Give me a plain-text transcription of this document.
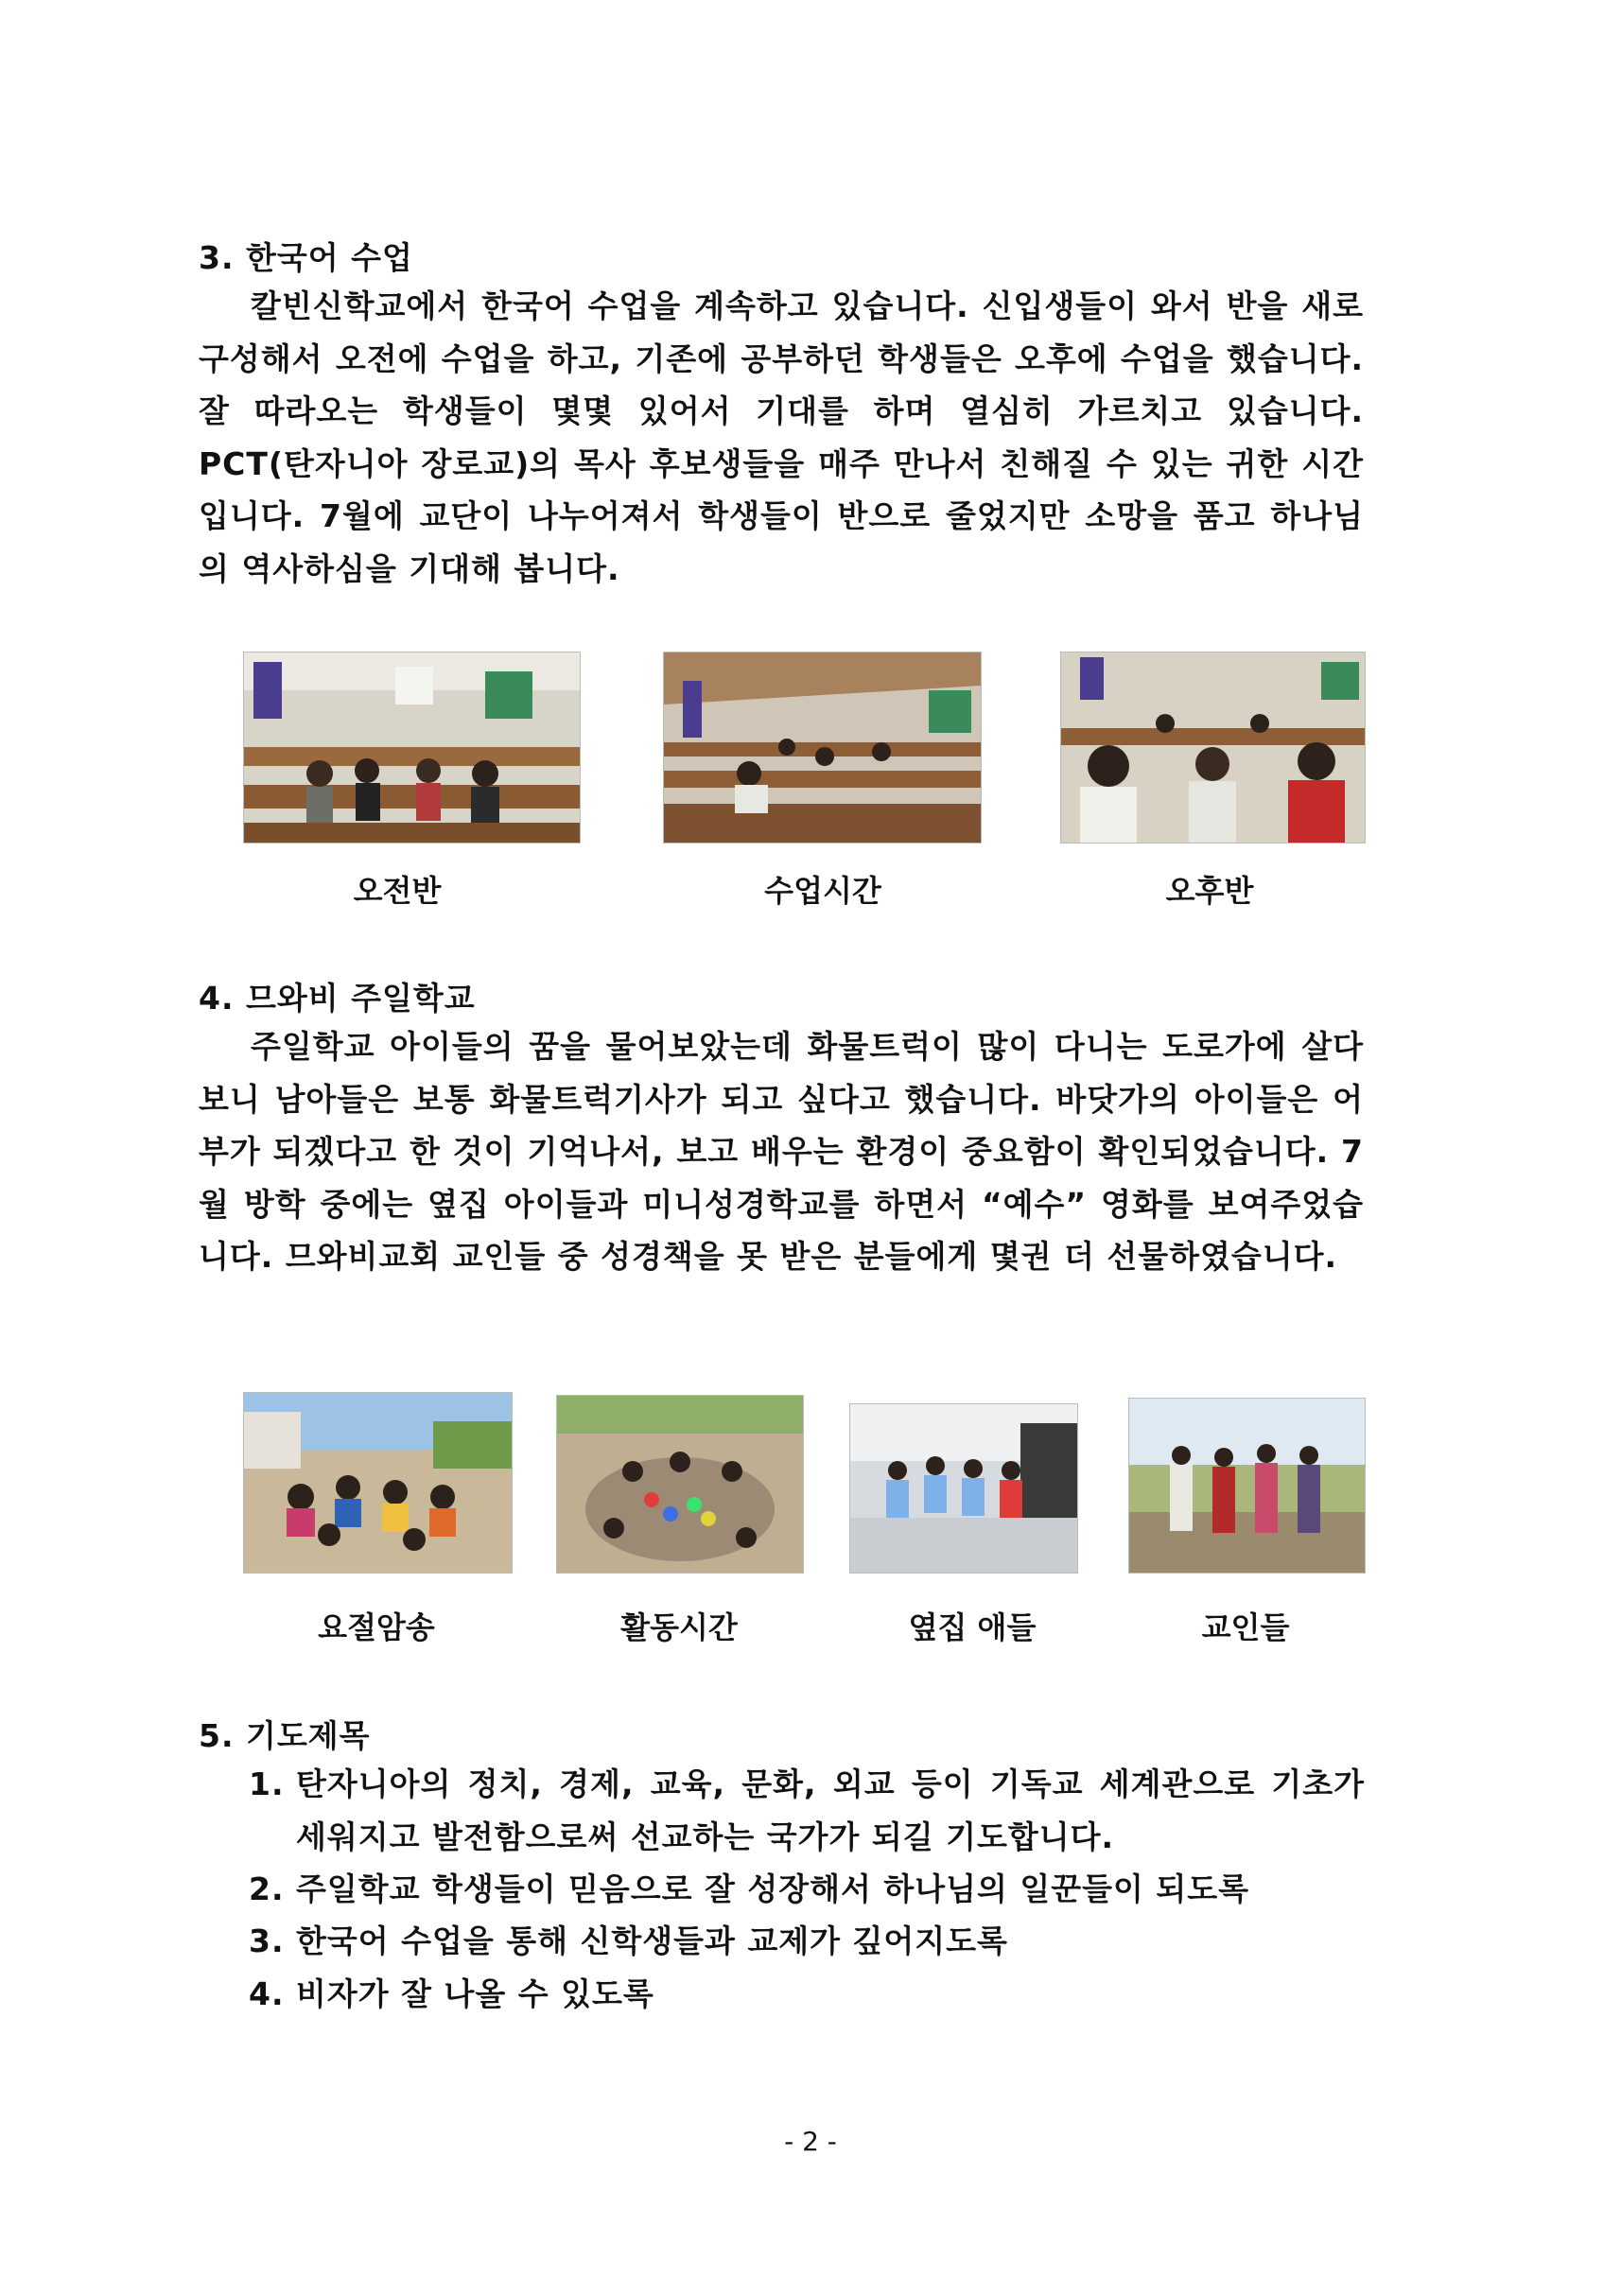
3. 한국어 수업
칼빈신학교에서 한국어 수업을 계속하고 있습니다. 신입생들이 와서 반을 새로 구성해서 오전에 수업을 하고, 기존에 공부하던 학생들은 오후에 수업을 했습니다. 잘 따라오는 학생들이 몇몇 있어서 기대를 하며 열심히 가르치고 있습니다. PCT(탄자니아 장로교)의 목사 후보생들을 매주 만나서 친해질 수 있는 귀한 시간입니다. 7월에 교단이 나누어져서 학생들이 반으로 줄었지만 소망을 품고 하나님의 역사하심을 기대해 봅니다.
오전반	수업시간	오후반
4. 므와비 주일학교
주일학교 아이들의 꿈을 물어보았는데 화물트럭이 많이 다니는 도로가에 살다보니 남아들은 보통 화물트럭기사가 되고 싶다고 했습니다. 바닷가의 아이들은 어부가 되겠다고 한 것이 기억나서, 보고 배우는 환경이 중요함이 확인되었습니다. 7월 방학 중에는 옆집 아이들과 미니성경학교를 하면서 “예수” 영화를 보여주었습니다. 므와비교회 교인들 중 성경책을 못 받은 분들에게 몇권 더 선물하였습니다.
요절암송	활동시간	옆집 애들	교인들
5. 기도제목
1. 탄자니아의 정치, 경제, 교육, 문화, 외교 등이 기독교 세계관으로 기초가 세워지고 발전함으로써 선교하는 국가가 되길 기도합니다.
2. 주일학교 학생들이 믿음으로 잘 성장해서 하나님의 일꾼들이 되도록
3. 한국어 수업을 통해 신학생들과 교제가 깊어지도록
4. 비자가 잘 나올 수 있도록
- 2 -
